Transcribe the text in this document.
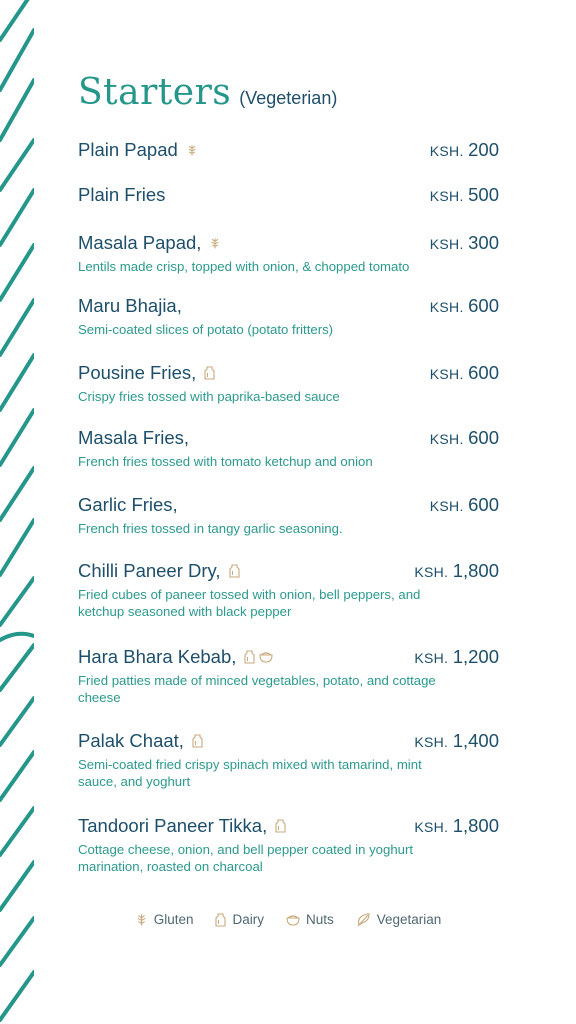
Starters (Vegeterian)
Plain Papad	KSH. 200
Plain Fries	KSH. 500
Masala Papad,	KSH. 300
Lentils made crisp, topped with onion, & chopped tomato
Maru Bhajia,	KSH. 600
Semi-coated slices of potato (potato fritters)
Pousine Fries,	KSH. 600
Crispy fries tossed with paprika-based sauce
Masala Fries,	KSH. 600
French fries tossed with tomato ketchup and onion
Garlic Fries,	KSH. 600
French fries tossed in tangy garlic seasoning.
Chilli Paneer Dry,	KSH. 1,800
Fried cubes of paneer tossed with onion, bell peppers, and ketchup seasoned with black pepper
Hara Bhara Kebab,	KSH. 1,200
Fried patties made of minced vegetables, potato, and cottage cheese
Palak Chaat,	KSH. 1,400
Semi-coated fried crispy spinach mixed with tamarind, mint sauce, and yoghurt
Tandoori Paneer Tikka,	KSH. 1,800
Cottage cheese, onion, and bell pepper coated in yoghurt marination, roasted on charcoal
Gluten	Dairy	Nuts	Vegetarian
